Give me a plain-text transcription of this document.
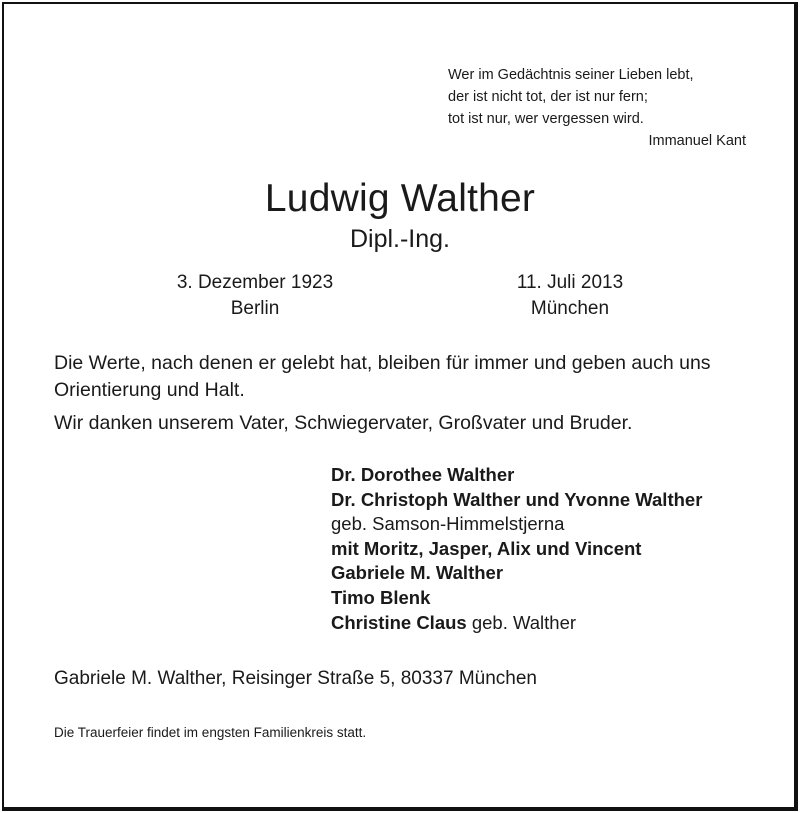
Wer im Gedächtnis seiner Lieben lebt,
der ist nicht tot, der ist nur fern;
tot ist nur, wer vergessen wird.
Immanuel Kant
Ludwig Walther
Dipl.-Ing.
3. Dezember 1923
Berlin
11. Juli 2013
München
Die Werte, nach denen er gelebt hat, bleiben für immer und geben auch uns Orientierung und Halt.
Wir danken unserem Vater, Schwiegervater, Großvater und Bruder.
Dr. Dorothee Walther
Dr. Christoph Walther und Yvonne Walther
geb. Samson-Himmelstjerna
mit Moritz, Jasper, Alix und Vincent
Gabriele M. Walther
Timo Blenk
Christine Claus geb. Walther
Gabriele M. Walther, Reisinger Straße 5, 80337 München
Die Trauerfeier findet im engsten Familienkreis statt.
